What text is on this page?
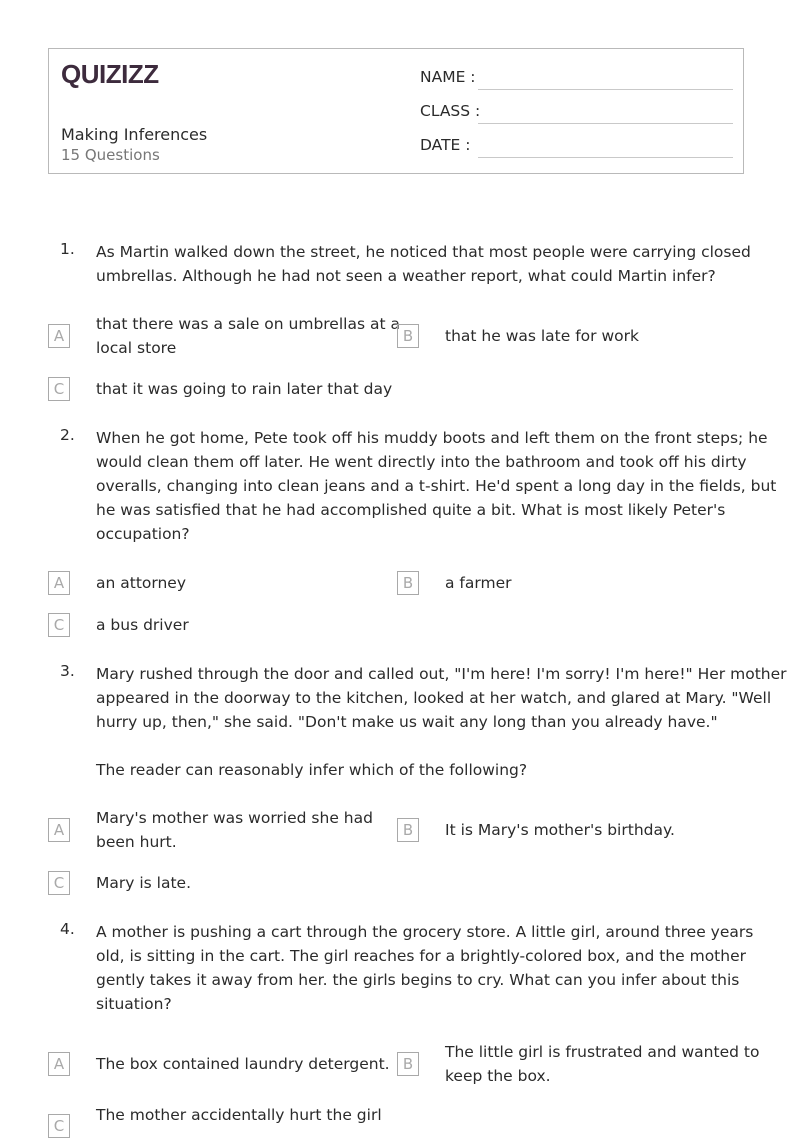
QUIZIZZ
Making Inferences
15 Questions
NAME :
CLASS :
DATE :
1. As Martin walked down the street, he noticed that most people were carrying closed
umbrellas. Although he had not seen a weather report, what could Martin infer?
A
that there was a sale on umbrellas at a
local store
B	that he was late for work
C	that it was going to rain later that day
2. When he got home, Pete took off his muddy boots and left them on the front steps; he
would clean them off later. He went directly into the bathroom and took off his dirty
overalls, changing into clean jeans and a t-shirt. He'd spent a long day in the fields, but
he was satisfied that he had accomplished quite a bit. What is most likely Peter's
occupation?
A	an attorney	B	a farmer
C	a bus driver
3. Mary rushed through the door and called out, "I'm here! I'm sorry! I'm here!" Her mother
appeared in the doorway to the kitchen, looked at her watch, and glared at Mary. "Well
hurry up, then," she said. "Don't make us wait any long than you already have."
The reader can reasonably infer which of the following?
A
Mary's mother was worried she had
been hurt.
B	It is Mary's mother's birthday.
C	Mary is late.
4. A mother is pushing a cart through the grocery store. A little girl, around three years
old, is sitting in the cart. The girl reaches for a brightly-colored box, and the mother
gently takes it away from her. the girls begins to cry. What can you infer about this
situation?
A	The box contained laundry detergent. B
The little girl is frustrated and wanted to
keep the box.
C
The mother accidentally hurt the girl
